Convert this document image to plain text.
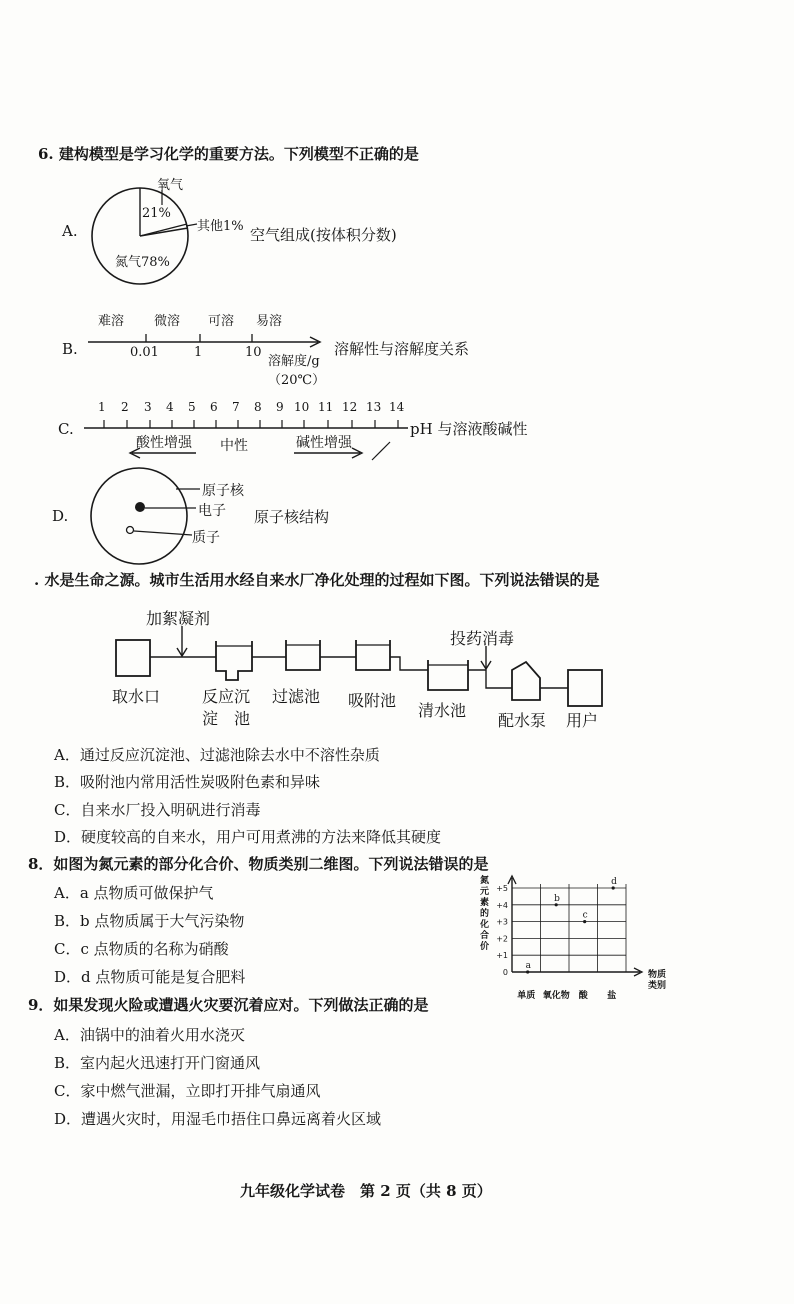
6. 建构模型是学习化学的重要方法。下列模型不正确的是
A.
氧气
21%
其他1%
氮气78%
空气组成(按体积分数)
B.
难溶 微溶 可溶 易溶
0.01	1	10
溶解度/g
（20℃）
溶解性与溶解度关系
C.
1 2 3 4 5 6 7 8 9 10 11 12 13 14
酸性增强 中性	碱性增强
pH 与溶液酸碱性
D.
原子核
电子
质子
原子核结构
. 水是生命之源。城市生活用水经自来水厂净化处理的过程如下图。下列说法错误的是
加絮凝剂
投药消毒
取水口	反应沉
淀　池
过滤池 吸附池
清水池
配水泵 用户
A．通过反应沉淀池、过滤池除去水中不溶性杂质
B．吸附池内常用活性炭吸附色素和异味
C．自来水厂投入明矾进行消毒
D．硬度较高的自来水，用户可用煮沸的方法来降低其硬度
8．如图为氮元素的部分化合价、物质类别二维图。下列说法错误的是
A．a 点物质可做保护气
B．b 点物质属于大气污染物
C．c 点物质的名称为硝酸
D．d 点物质可能是复合肥料
氮
元
素
的
化
合
价
+5
+4
+3
+2
+1
0
a
b
c
d
单质 氧化物 酸	盐
物质类别
9．如果发现火险或遭遇火灾要沉着应对。下列做法正确的是
A．油锅中的油着火用水浇灭
B．室内起火迅速打开门窗通风
C．家中燃气泄漏，立即打开排气扇通风
D．遭遇火灾时，用湿毛巾捂住口鼻远离着火区域
九年级化学试卷　第 2 页（共 8 页）
